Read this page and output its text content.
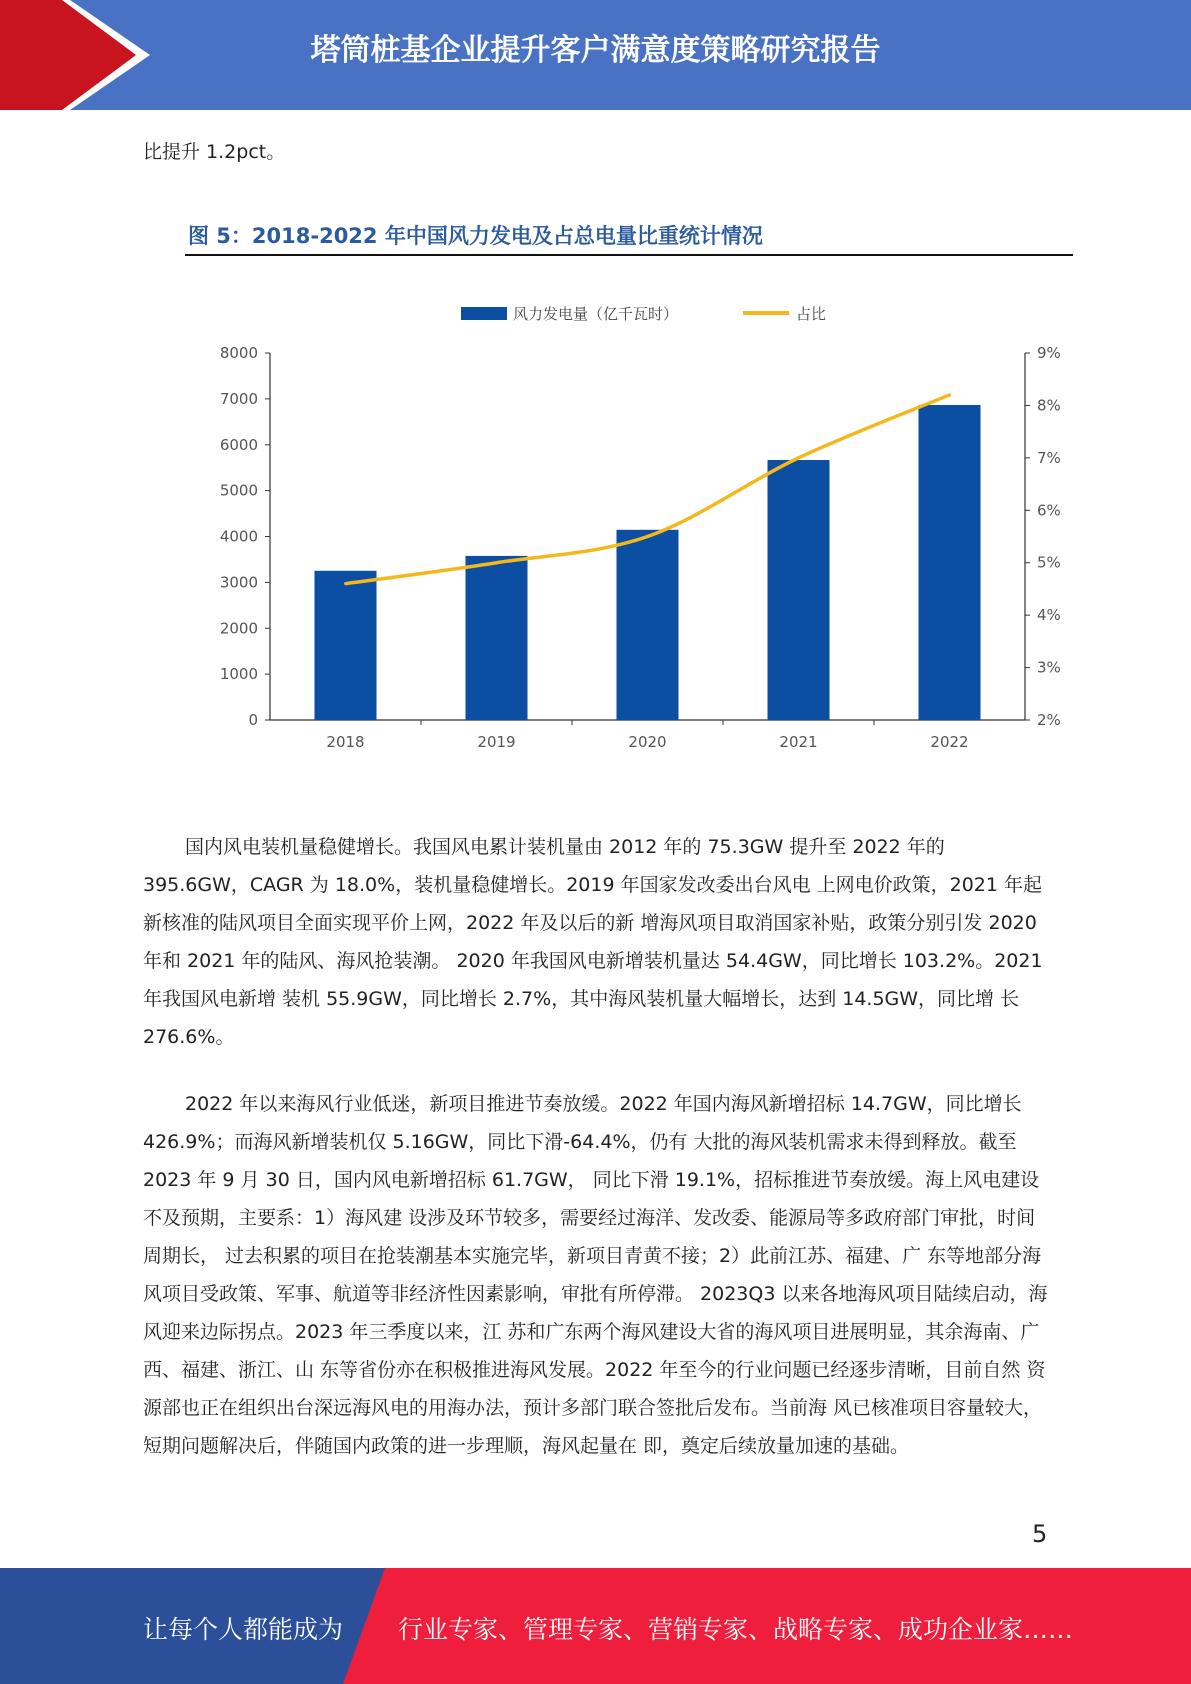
塔筒桩基企业提升客户满意度策略研究报告

比提升 1.2pct。

图 5：2018-2022 年中国风力发电及占总电量比重统计情况
风力发电量（亿千瓦时）	占比
0
1000
2000
3000
4000
5000
6000
7000
8000
2%
3%
4%
5%
6%
7%
8%
9%
2018	2019	2020	2021	2022

国内风电装机量稳健增长。我国风电累计装机量由 2012 年的 75.3GW 提升至 2022 年的 395.6GW，CAGR 为 18.0%，装机量稳健增长。2019 年国家发改委出台风电 上网电价政策，2021 年起新核准的陆风项目全面实现平价上网，2022 年及以后的新 增海风项目取消国家补贴，政策分别引发 2020 年和 2021 年的陆风、海风抢装潮。 2020 年我国风电新增装机量达 54.4GW，同比增长 103.2%。2021 年我国风电新增 装机 55.9GW，同比增长 2.7%，其中海风装机量大幅增长，达到 14.5GW，同比增 长 276.6%。

2022 年以来海风行业低迷，新项目推进节奏放缓。2022 年国内海风新增招标 14.7GW，同比增长 426.9%；而海风新增装机仅 5.16GW，同比下滑-64.4%，仍有 大批的海风装机需求未得到释放。截至 2023 年 9 月 30 日，国内风电新增招标 61.7GW， 同比下滑 19.1%，招标推进节奏放缓。海上风电建设不及预期，主要系：1）海风建 设涉及环节较多，需要经过海洋、发改委、能源局等多政府部门审批，时间周期长， 过去积累的项目在抢装潮基本实施完毕，新项目青黄不接；2）此前江苏、福建、广 东等地部分海风项目受政策、军事、航道等非经济性因素影响，审批有所停滞。 2023Q3 以来各地海风项目陆续启动，海风迎来边际拐点。2023 年三季度以来，江 苏和广东两个海风建设大省的海风项目进展明显，其余海南、广西、福建、浙江、山 东等省份亦在积极推进海风发展。2022 年至今的行业问题已经逐步清晰，目前自然 资源部也正在组织出台深远海风电的用海办法，预计多部门联合签批后发布。当前海 风已核准项目容量较大，短期问题解决后，伴随国内政策的进一步理顺，海风起量在 即，奠定后续放量加速的基础。

5
让每个人都能成为 行业专家、管理专家、营销专家、战略专家、成功企业家……
